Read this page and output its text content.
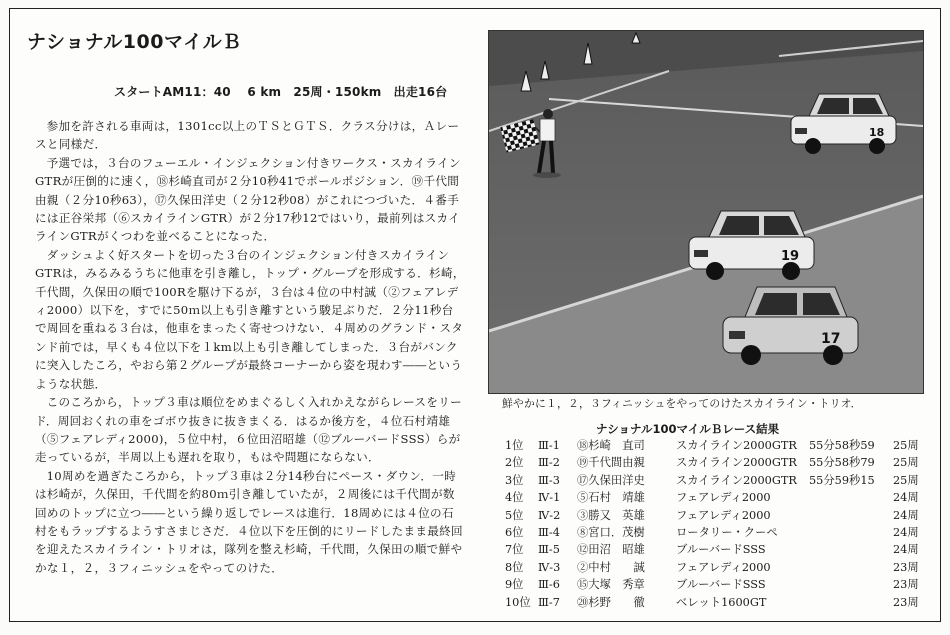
ナショナル100マイルＢ
スタートAM11：40　 6 km　25周・150km　出走16台

参加を許される車両は，1301cc以上のＴＳとＧＴＳ．クラス分けは，Ａレースと同様だ．

予選では，３台のフューエル・インジェクション付きワークス・スカイラインGTRが圧倒的に速く，⑱杉崎直司が２分10秒41でポールポジション．⑲千代間由親（２分10秒63），⑰久保田洋史（２分12秒08）がこれにつづいた．４番手には正谷栄邦（⑥スカイラインGTR）が２分17秒12ではいり，最前列はスカイラインGTRがくつわを並べることになった．

ダッシュよく好スタートを切った３台のインジェクション付きスカイラインGTRは，みるみるうちに他車を引き離し，トップ・グループを形成する．杉崎，千代間，久保田の順で100Rを駆け下るが，３台は４位の中村誠（②フェアレディ2000）以下を，すでに50ｍ以上も引き離すという駿足ぶりだ．２分11秒台で周回を重ねる３台は，他車をまったく寄せつけない．４周めのグランド・スタンド前では，早くも４位以下を１km以上も引き離してしまった．３台がバンクに突入したころ，やおら第２グループが最終コーナーから姿を現わす――というような状態．

このころから，トップ３車は順位をめまぐるしく入れかえながらレースをリード．周回おくれの車をゴボウ抜きに抜きまくる．はるか後方を，４位石村靖雄（⑤フェアレディ2000)，５位中村，６位田沼昭雄（⑫ブルーバードSSS）らが走っているが，半周以上も遅れを取り，もはや問題にならない．

10周めを過ぎたころから，トップ３車は２分14秒台にペース・ダウン．一時は杉崎が，久保田，千代間を約80ｍ引き離していたが，２周後には千代間が数回めのトップに立つ――という繰り返しでレースは進行．18周めには４位の石村をもラップするようすさまじさだ．４位以下を圧倒的にリードしたまま最終回を迎えたスカイライン・トリオは，隊列を整え杉崎，千代間，久保田の順で鮮やかな１，２，３フィニッシュをやってのけた．

18
19
17
鮮やかに１，２，３フィニッシュをやってのけたスカイライン・トリオ．
ナショナル100マイルＢレース結果
1位 Ⅲ-1 ⑱杉崎　直司	スカイライン2000GTR 55分58秒59 25周
2位 Ⅲ-2 ⑲千代間由親	スカイライン2000GTR 55分58秒79 25周
3位 Ⅲ-3 ⑰久保田洋史	スカイライン2000GTR 55分59秒15 25周
4位 Ⅳ-1 ⑤石村　靖雄	フェアレディ2000	24周
5位 Ⅳ-2 ③勝又　英雄	フェアレディ2000	24周
6位 Ⅲ-4 ⑧宮口．茂樹	ロータリー・クーペ	24周
7位 Ⅲ-5 ⑫田沼　昭雄	ブルーバードSSS	24周
8位 Ⅳ-3 ②中村　　誠	フェアレディ2000	23周
9位 Ⅲ-6 ⑮大塚　秀章	ブルーバードSSS	23周
10位 Ⅲ-7 ⑳杉野　　徹	ベレット1600GT	23周
